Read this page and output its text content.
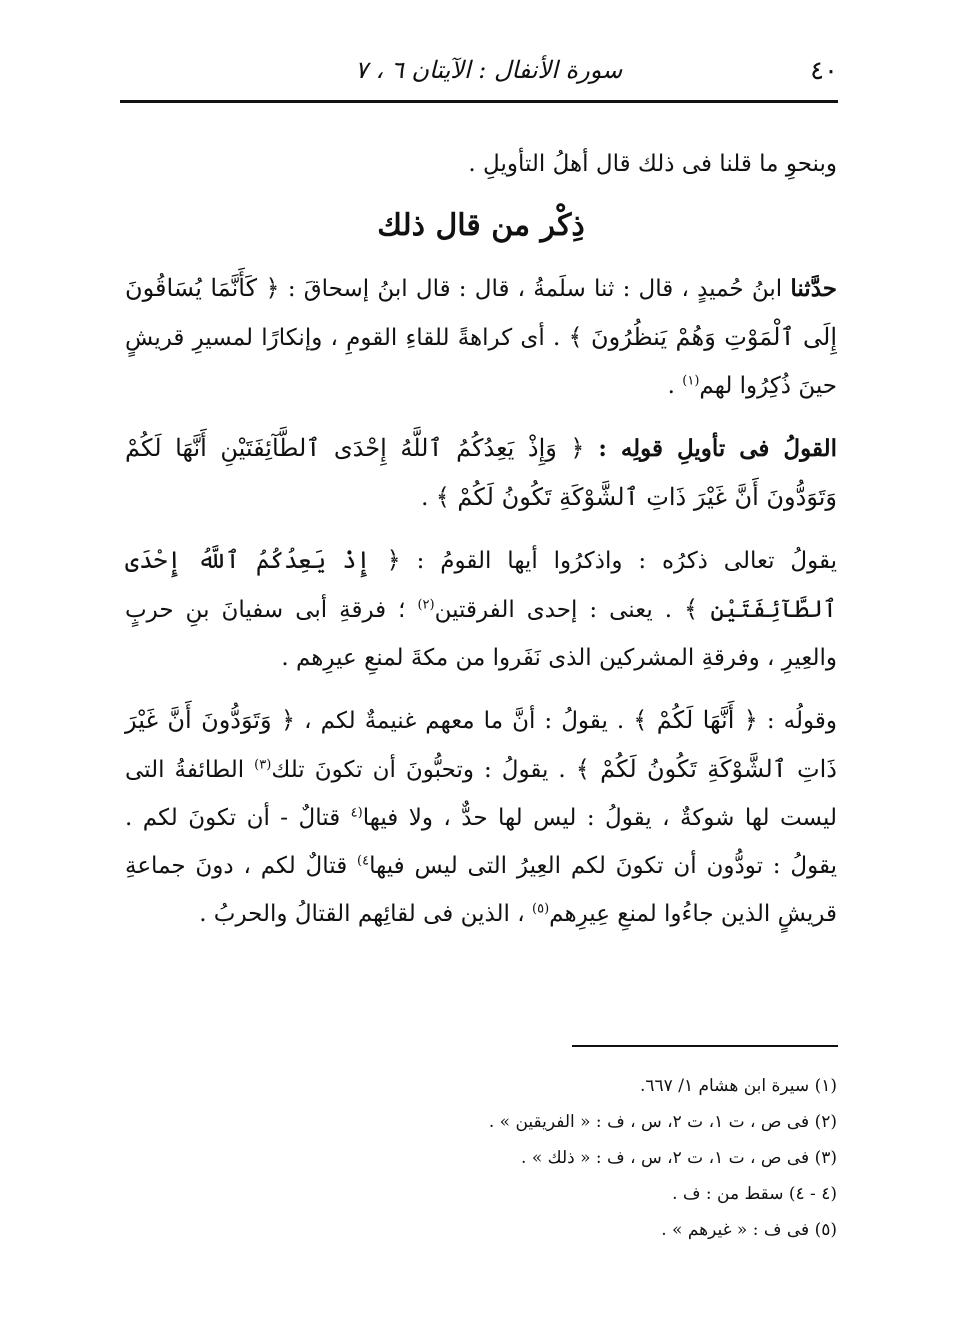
٤٠
سورة الأنفال : الآيتان ٦ ، ٧

وبنحوِ ما قلنا فى ذلك قال أهلُ التأويلِ .

ذِكْر من قال ذلك

حدَّثنا ابنُ حُميدٍ ، قال : ثنا سلَمةُ ، قال : قال ابنُ إسحاقَ : ﴿ كَأَنَّمَا يُسَاقُونَ إِلَى ٱلْمَوْتِ وَهُمْ يَنظُرُونَ ﴾ . أى كراهةً للقاءِ القومِ ، وإنكارًا لمسيرِ قريشٍ حينَ ذُكِرُوا لهم$^{(١)}$ .

القولُ فى تأويلِ قولِه : ﴿ وَإِذْ يَعِدُكُمُ ٱللَّهُ إِحْدَى ٱلطَّآئِفَتَيْنِ أَنَّهَا لَكُمْ وَتَوَدُّونَ أَنَّ غَيْرَ ذَاتِ ٱلشَّوْكَةِ تَكُونُ لَكُمْ ﴾ .

يقولُ تعالى ذكرُه : واذكرُوا أيها القومُ : ﴿ إِذْ يَعِدُكُمُ ٱللَّهُ إِحْدَى ٱلطَّآئِفَتَيْنِ ﴾ . يعنى : إحدى الفرقتين$^{(٢)}$ ؛ فرقةِ أبى سفيانَ بنِ حربٍ والعِيرِ ، وفرقةِ المشركين الذى نَفَروا من مكةَ لمنعِ عيرِهم .

وقولُه : ﴿ أَنَّهَا لَكُمْ ﴾ . يقولُ : أنَّ ما معهم غنيمةٌ لكم ، ﴿ وَتَوَدُّونَ أَنَّ غَيْرَ ذَاتِ ٱلشَّوْكَةِ تَكُونُ لَكُمْ ﴾ . يقولُ : وتحبُّونَ أن تكونَ تلك$^{(٣)}$ الطائفةُ التى ليست لها شوكةٌ ، يقولُ : ليس لها حدٌّ ، ولا فيها$^{(٤}$ قتالٌ - أن تكونَ لكم . يقولُ : تودُّون أن تكونَ لكم العِيرُ التى ليس فيها$^{٤)}$ قتالٌ لكم ، دونَ جماعةِ قريشٍ الذين جاءُوا لمنعِ عِيرِهم$^{(٥)}$ ، الذين فى لقائِهم القتالُ والحربُ .

(١) سيرة ابن هشام ١/ ٦٦٧.

(٢) فى ص ، ت ١، ت ٢، س ، ف : « الفريقين » .

(٣) فى ص ، ت ١، ت ٢، س ، ف : « ذلك » .

(٤ - ٤) سقط من : ف .

(٥) فى ف : « غيرهم » .
